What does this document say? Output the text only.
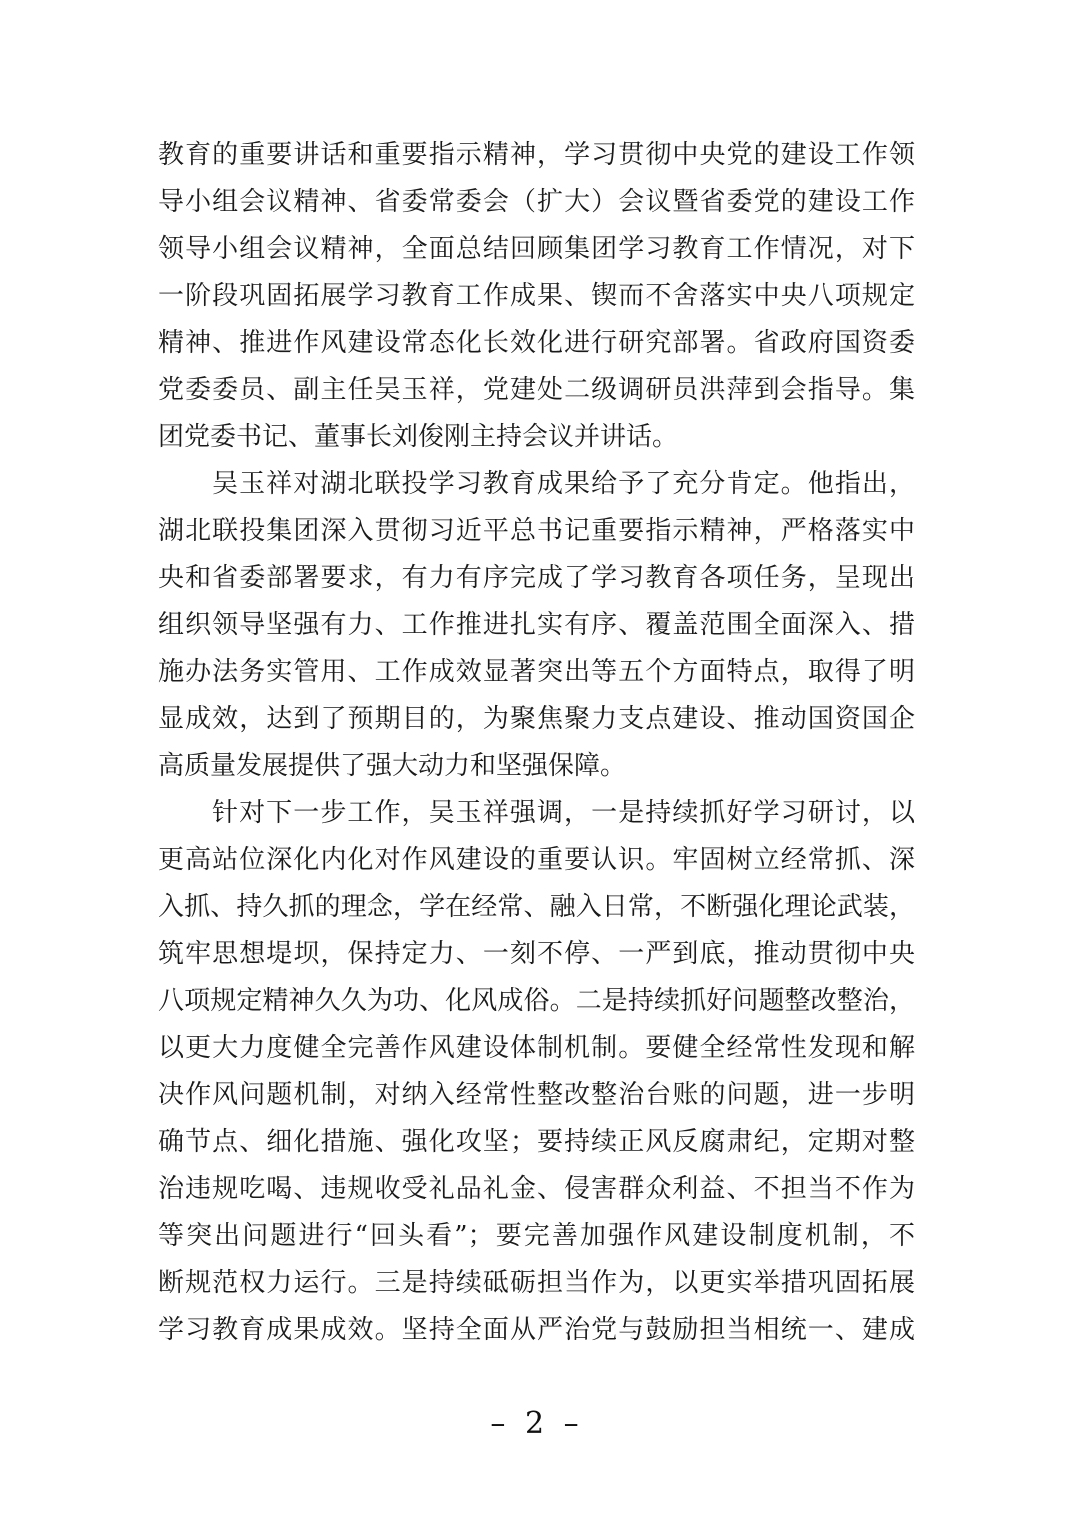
教育的重要讲话和重要指示精神，学习贯彻中央党的建设工作领
导小组会议精神、省委常委会（扩大）会议暨省委党的建设工作
领导小组会议精神，全面总结回顾集团学习教育工作情况，对下
一阶段巩固拓展学习教育工作成果、锲而不舍落实中央八项规定
精神、推进作风建设常态化长效化进行研究部署。省政府国资委
党委委员、副主任吴玉祥，党建处二级调研员洪萍到会指导。集
团党委书记、董事长刘俊刚主持会议并讲话。
吴玉祥对湖北联投学习教育成果给予了充分肯定。他指出，
湖北联投集团深入贯彻习近平总书记重要指示精神，严格落实中
央和省委部署要求，有力有序完成了学习教育各项任务，呈现出
组织领导坚强有力、工作推进扎实有序、覆盖范围全面深入、措
施办法务实管用、工作成效显著突出等五个方面特点，取得了明
显成效，达到了预期目的，为聚焦聚力支点建设、推动国资国企
高质量发展提供了强大动力和坚强保障。
针对下一步工作，吴玉祥强调，一是持续抓好学习研讨，以
更高站位深化内化对作风建设的重要认识。牢固树立经常抓、深
入抓、持久抓的理念，学在经常、融入日常，不断强化理论武装，
筑牢思想堤坝，保持定力、一刻不停、一严到底，推动贯彻中央
八项规定精神久久为功、化风成俗。二是持续抓好问题整改整治，
以更大力度健全完善作风建设体制机制。要健全经常性发现和解
决作风问题机制，对纳入经常性整改整治台账的问题，进一步明
确节点、细化措施、强化攻坚；要持续正风反腐肃纪，定期对整
治违规吃喝、违规收受礼品礼金、侵害群众利益、不担当不作为
等突出问题进行“回头看”；要完善加强作风建设制度机制，不
断规范权力运行。三是持续砥砺担当作为，以更实举措巩固拓展
学习教育成果成效。坚持全面从严治党与鼓励担当相统一、建成
– 2 –
